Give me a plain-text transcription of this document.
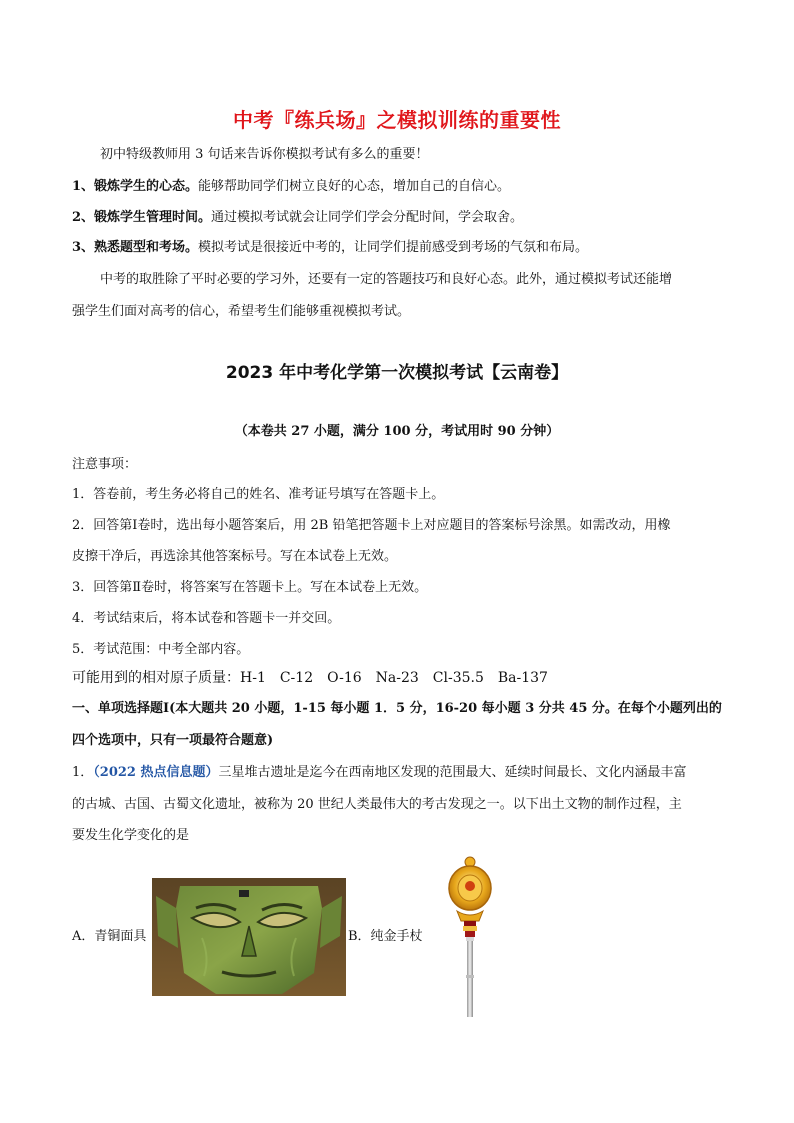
中考『练兵场』之模拟训练的重要性
初中特级教师用 3 句话来告诉你模拟考试有多么的重要！
1、锻炼学生的心态。能够帮助同学们树立良好的心态，增加自己的自信心。
2、锻炼学生管理时间。通过模拟考试就会让同学们学会分配时间，学会取舍。
3、熟悉题型和考场。模拟考试是很接近中考的，让同学们提前感受到考场的气氛和布局。
中考的取胜除了平时必要的学习外，还要有一定的答题技巧和良好心态。此外，通过模拟考试还能增
强学生们面对高考的信心，希望考生们能够重视模拟考试。
2023 年中考化学第一次模拟考试【云南卷】
（本卷共 27 小题，满分 100 分，考试用时 90 分钟）
注意事项：
1．答卷前，考生务必将自己的姓名、准考证号填写在答题卡上。
2．回答第Ⅰ卷时，选出每小题答案后，用 2B 铅笔把答题卡上对应题目的答案标号涂黑。如需改动，用橡
皮擦干净后，再选涂其他答案标号。写在本试卷上无效。
3．回答第Ⅱ卷时，将答案写在答题卡上。写在本试卷上无效。
4．考试结束后，将本试卷和答题卡一并交回。
5．考试范围：中考全部内容。
可能用到的相对原子质量：H-1　C-12　O-16　Na-23　Cl-35.5　Ba-137
一、单项选择题Ⅰ(本大题共 20 小题，1-15 每小题 1．5 分，16-20 每小题 3 分共 45 分。在每个小题列出的
四个选项中，只有一项最符合题意)
1．（2022 热点信息题）三星堆古遗址是迄今在西南地区发现的范围最大、延续时间最长、文化内涵最丰富
的古城、古国、古蜀文化遗址，被称为 20 世纪人类最伟大的考古发现之一。以下出土文物的制作过程，主
要发生化学变化的是
A．青铜面具	B．纯金手杖
